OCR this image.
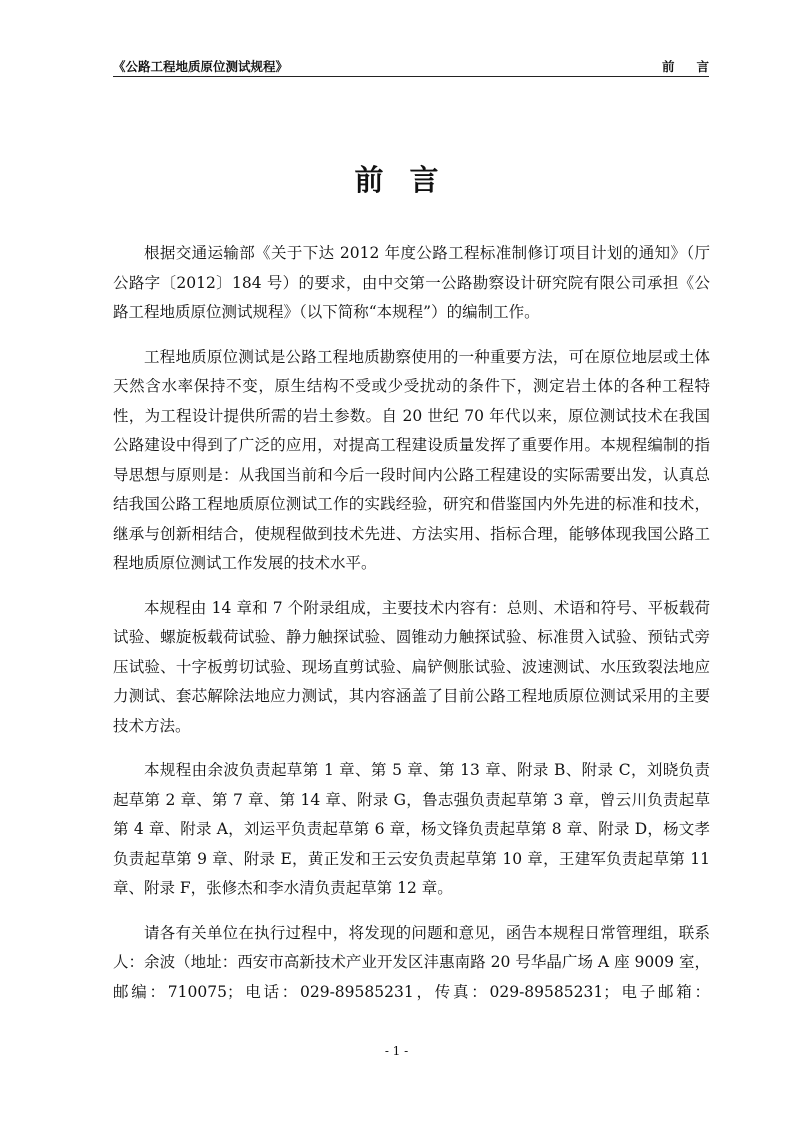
《公路工程地质原位测试规程》	前言
前言

根据交通运输部《关于下达 2012 年度公路工程标准制修订项目计划的通知》（厅公路字〔2012〕184 号）的要求，由中交第一公路勘察设计研究院有限公司承担《公路工程地质原位测试规程》（以下简称“本规程”）的编制工作。

工程地质原位测试是公路工程地质勘察使用的一种重要方法，可在原位地层或土体天然含水率保持不变，原生结构不受或少受扰动的条件下，测定岩土体的各种工程特性，为工程设计提供所需的岩土参数。自 20 世纪 70 年代以来，原位测试技术在我国公路建设中得到了广泛的应用，对提高工程建设质量发挥了重要作用。本规程编制的指导思想与原则是：从我国当前和今后一段时间内公路工程建设的实际需要出发，认真总结我国公路工程地质原位测试工作的实践经验，研究和借鉴国内外先进的标准和技术，继承与创新相结合，使规程做到技术先进、方法实用、指标合理，能够体现我国公路工程地质原位测试工作发展的技术水平。

本规程由 14 章和 7 个附录组成，主要技术内容有：总则、术语和符号、平板载荷试验、螺旋板载荷试验、静力触探试验、圆锥动力触探试验、标准贯入试验、预钻式旁压试验、十字板剪切试验、现场直剪试验、扁铲侧胀试验、波速测试、水压致裂法地应力测试、套芯解除法地应力测试，其内容涵盖了目前公路工程地质原位测试采用的主要技术方法。

本规程由余波负责起草第 1 章、第 5 章、第 13 章、附录 B、附录 C，刘晓负责起草第 2 章、第 7 章、第 14 章、附录 G，鲁志强负责起草第 3 章，曾云川负责起草第 4 章、附录 A，刘运平负责起草第 6 章，杨文锋负责起草第 8 章、附录 D，杨文孝负责起草第 9 章、附录 E，黄正发和王云安负责起草第 10 章，王建军负责起草第 11 章、附录 F，张修杰和李水清负责起草第 12 章。

请各有关单位在执行过程中，将发现的问题和意见，函告本规程日常管理组，联系人：余波（地址：西安市高新技术产业开发区沣惠南路 20 号华晶广场 A 座 9009 室，邮编：710075；电话：029-89585231，传真：029-89585231；电子邮箱：

- 1 -
